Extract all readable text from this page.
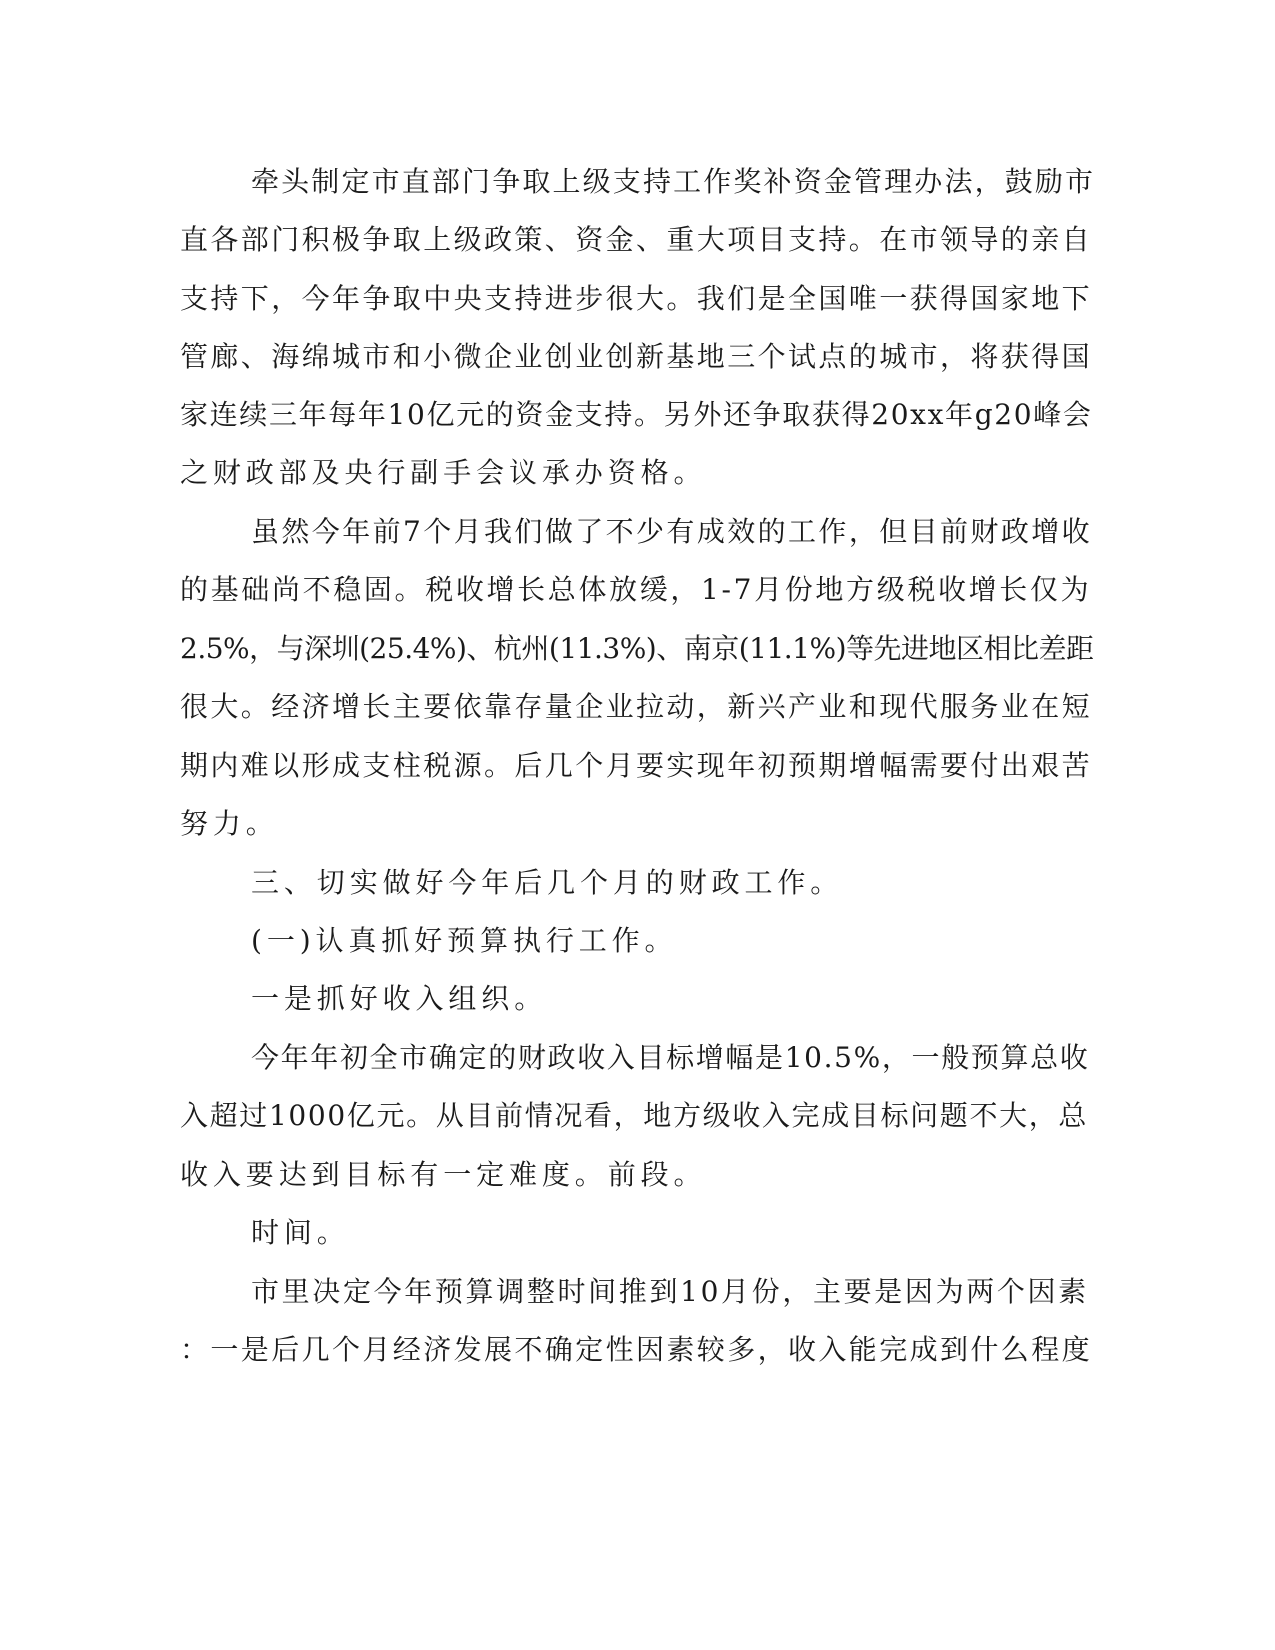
牵头制定市直部门争取上级支持工作奖补资金管理办法，鼓励市
直各部门积极争取上级政策、资金、重大项目支持。在市领导的亲自
支持下，今年争取中央支持进步很大。我们是全国唯一获得国家地下
管廊、海绵城市和小微企业创业创新基地三个试点的城市，将获得国
家连续三年每年10亿元的资金支持。另外还争取获得20xx年g20峰会
之财政部及央行副手会议承办资格。
虽然今年前7个月我们做了不少有成效的工作，但目前财政增收
的基础尚不稳固。税收增长总体放缓，1-7月份地方级税收增长仅为
2.5%，与深圳(25.4%)、杭州(11.3%)、南京(11.1%)等先进地区相比差距
很大。经济增长主要依靠存量企业拉动，新兴产业和现代服务业在短
期内难以形成支柱税源。后几个月要实现年初预期增幅需要付出艰苦
努力。
三、切实做好今年后几个月的财政工作。
(一)认真抓好预算执行工作。
一是抓好收入组织。
今年年初全市确定的财政收入目标增幅是10.5%，一般预算总收
入超过1000亿元。从目前情况看，地方级收入完成目标问题不大，总
收入要达到目标有一定难度。前段。
时间。
市里决定今年预算调整时间推到10月份，主要是因为两个因素
：一是后几个月经济发展不确定性因素较多，收入能完成到什么程度
